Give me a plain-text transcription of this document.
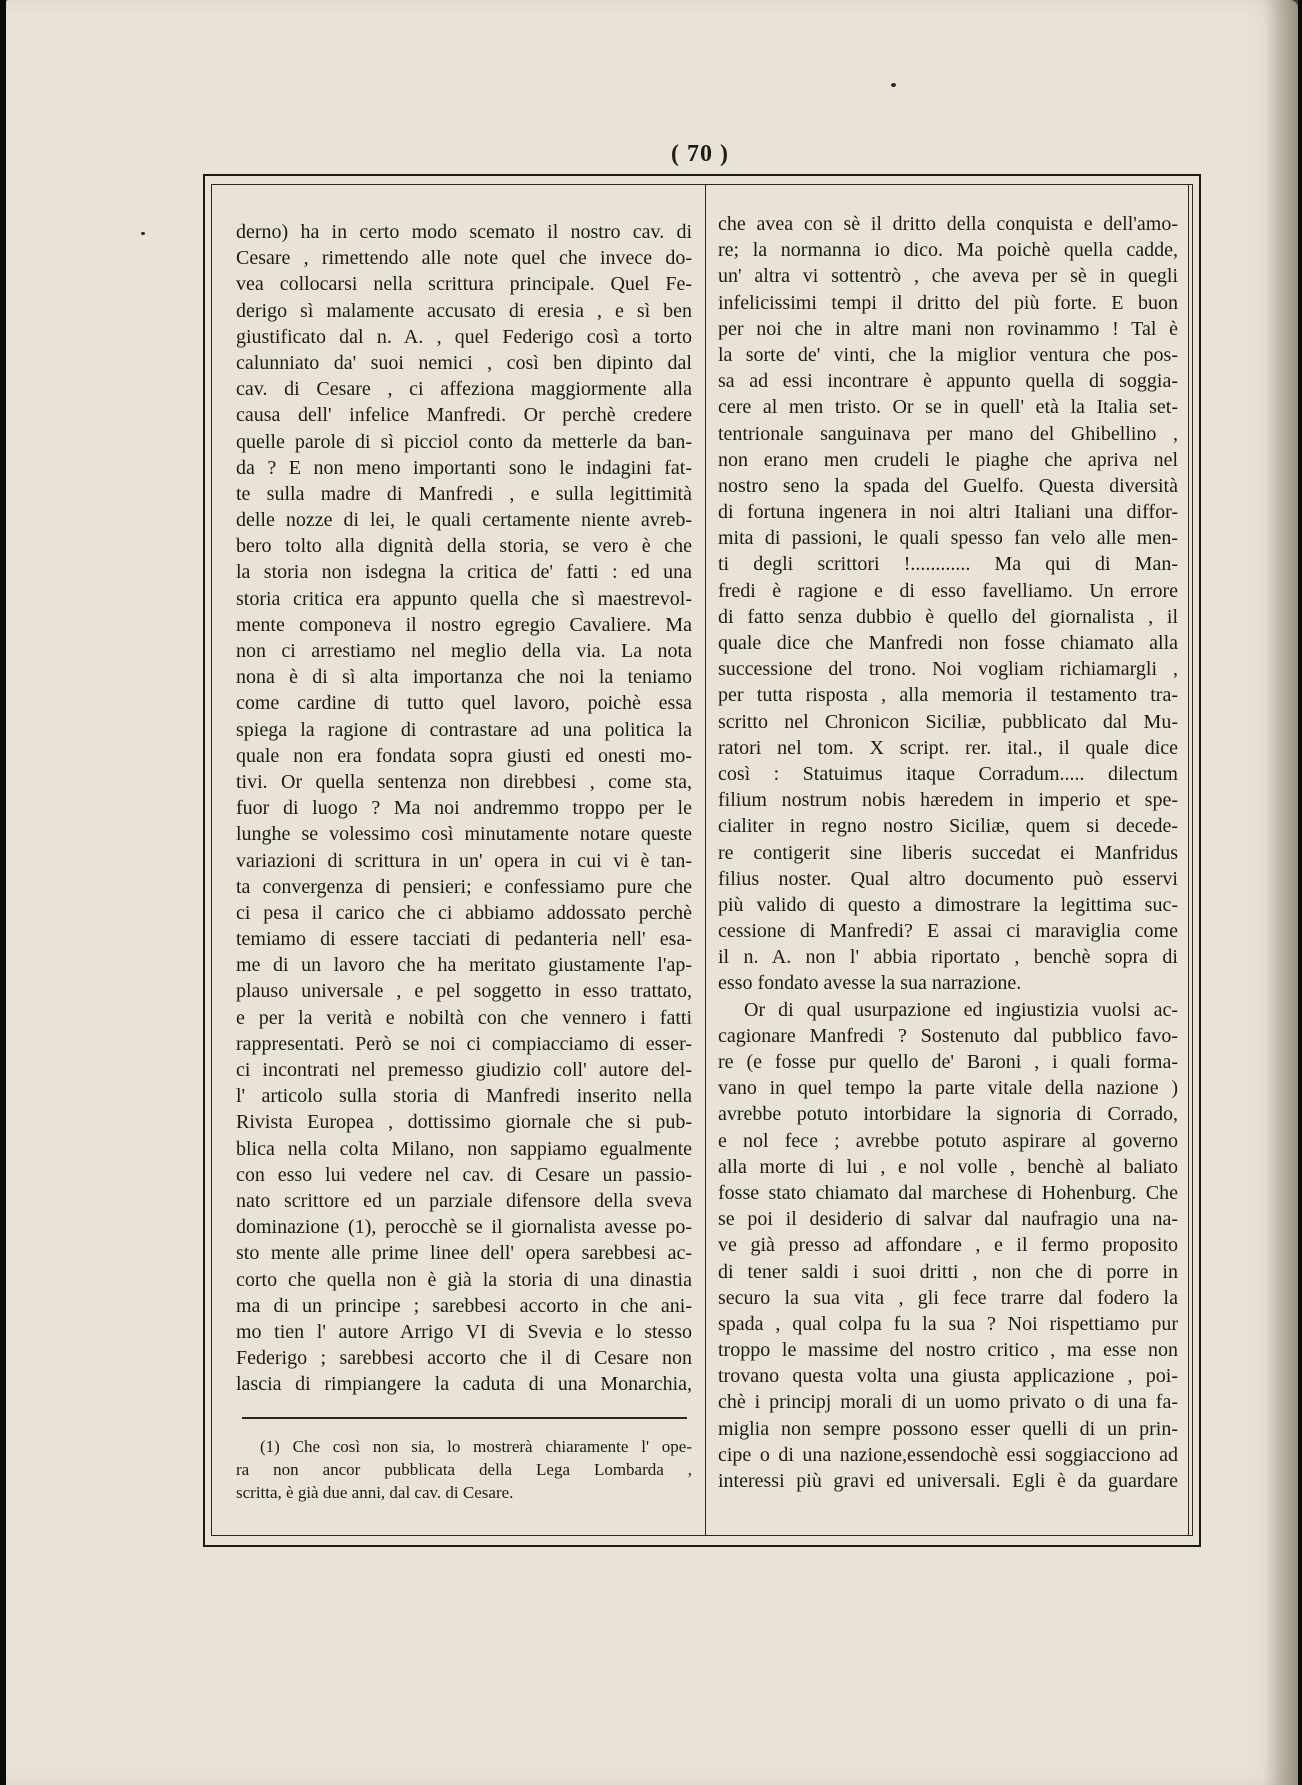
( 70 )
derno) ha in certo modo scemato il nostro cav. di
Cesare , rimettendo alle note quel che invece do-
vea collocarsi nella scrittura principale. Quel Fe-
derigo sì malamente accusato di eresia , e sì ben
giustificato dal n. A. , quel Federigo così a torto
calunniato da' suoi nemici , così ben dipinto dal
cav. di Cesare , ci affeziona maggiormente alla
causa dell' infelice Manfredi. Or perchè credere
quelle parole di sì picciol conto da metterle da ban-
da ? E non meno importanti sono le indagini fat-
te sulla madre di Manfredi , e sulla legittimità
delle nozze di lei, le quali certamente niente avreb-
bero tolto alla dignità della storia, se vero è che
la storia non isdegna la critica de' fatti : ed una
storia critica era appunto quella che sì maestrevol-
mente componeva il nostro egregio Cavaliere. Ma
non ci arrestiamo nel meglio della via. La nota
nona è di sì alta importanza che noi la teniamo
come cardine di tutto quel lavoro, poichè essa
spiega la ragione di contrastare ad una politica la
quale non era fondata sopra giusti ed onesti mo-
tivi. Or quella sentenza non direbbesi , come sta,
fuor di luogo ? Ma noi andremmo troppo per le
lunghe se volessimo così minutamente notare queste
variazioni di scrittura in un' opera in cui vi è tan-
ta convergenza di pensieri; e confessiamo pure che
ci pesa il carico che ci abbiamo addossato perchè
temiamo di essere tacciati di pedanteria nell' esa-
me di un lavoro che ha meritato giustamente l'ap-
plauso universale , e pel soggetto in esso trattato,
e per la verità e nobiltà con che vennero i fatti
rappresentati. Però se noi ci compiacciamo di esser-
ci incontrati nel premesso giudizio coll' autore del-
l' articolo sulla storia di Manfredi inserito nella
Rivista Europea , dottissimo giornale che si pub-
blica nella colta Milano, non sappiamo egualmente
con esso lui vedere nel cav. di Cesare un passio-
nato scrittore ed un parziale difensore della sveva
dominazione (1), perocchè se il giornalista avesse po-
sto mente alle prime linee dell' opera sarebbesi ac-
corto che quella non è già la storia di una dinastia
ma di un principe ; sarebbesi accorto in che ani-
mo tien l' autore Arrigo VI di Svevia e lo stesso
Federigo ; sarebbesi accorto che il di Cesare non
lascia di rimpiangere la caduta di una Monarchia,
(1) Che così non sia, lo mostrerà chiaramente l' ope-
ra non ancor pubblicata della Lega Lombarda ,
scritta, è già due anni, dal cav. di Cesare.
che avea con sè il dritto della conquista e dell'amo-
re; la normanna io dico. Ma poichè quella cadde,
un' altra vi sottentrò , che aveva per sè in quegli
infelicissimi tempi il dritto del più forte. E buon
per noi che in altre mani non rovinammo ! Tal è
la sorte de' vinti, che la miglior ventura che pos-
sa ad essi incontrare è appunto quella di soggia-
cere al men tristo. Or se in quell' età la Italia set-
tentrionale sanguinava per mano del Ghibellino ,
non erano men crudeli le piaghe che apriva nel
nostro seno la spada del Guelfo. Questa diversità
di fortuna ingenera in noi altri Italiani una diffor-
mita di passioni, le quali spesso fan velo alle men-
ti degli scrittori !............ Ma qui di Man-
fredi è ragione e di esso favelliamo. Un errore
di fatto senza dubbio è quello del giornalista , il
quale dice che Manfredi non fosse chiamato alla
successione del trono. Noi vogliam richiamargli ,
per tutta risposta , alla memoria il testamento tra-
scritto nel Chronicon Siciliæ, pubblicato dal Mu-
ratori nel tom. X script. rer. ital., il quale dice
così : Statuimus itaque Corradum..... dilectum
filium nostrum nobis hæredem in imperio et spe-
cialiter in regno nostro Siciliæ, quem si decede-
re contigerit sine liberis succedat ei Manfridus
filius noster. Qual altro documento può esservi
più valido di questo a dimostrare la legittima suc-
cessione di Manfredi? E assai ci maraviglia come
il n. A. non l' abbia riportato , benchè sopra di
esso fondato avesse la sua narrazione.
Or di qual usurpazione ed ingiustizia vuolsi ac-
cagionare Manfredi ? Sostenuto dal pubblico favo-
re (e fosse pur quello de' Baroni , i quali forma-
vano in quel tempo la parte vitale della nazione )
avrebbe potuto intorbidare la signoria di Corrado,
e nol fece ; avrebbe potuto aspirare al governo
alla morte di lui , e nol volle , benchè al baliato
fosse stato chiamato dal marchese di Hohenburg. Che
se poi il desiderio di salvar dal naufragio una na-
ve già presso ad affondare , e il fermo proposito
di tener saldi i suoi dritti , non che di porre in
securo la sua vita , gli fece trarre dal fodero la
spada , qual colpa fu la sua ? Noi rispettiamo pur
troppo le massime del nostro critico , ma esse non
trovano questa volta una giusta applicazione , poi-
chè i principj morali di un uomo privato o di una fa-
miglia non sempre possono esser quelli di un prin-
cipe o di una nazione,essendochè essi soggiacciono ad
interessi più gravi ed universali. Egli è da guardare
